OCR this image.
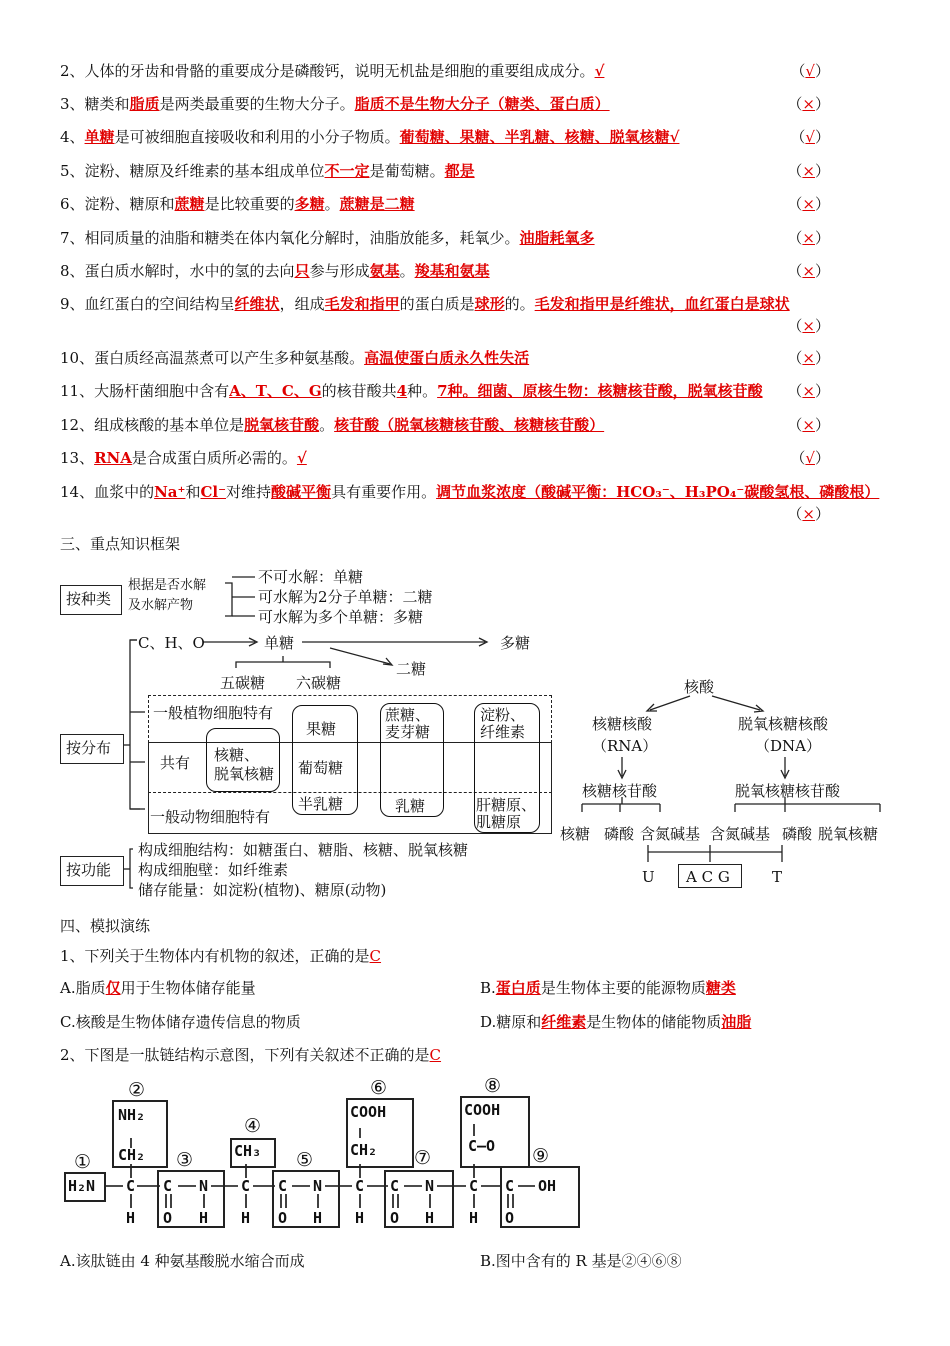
2、人体的牙齿和骨骼的重要成分是磷酸钙，说明无机盐是细胞的重要组成成分。√	（√）
3、糖类和脂质是两类最重要的生物大分子。脂质不是生物大分子（糖类、蛋白质）	（×）
4、单糖是可被细胞直接吸收和利用的小分子物质。葡萄糖、果糖、半乳糖、核糖、脱氧核糖√	（√）
5、淀粉、糖原及纤维素的基本组成单位不一定是葡萄糖。都是	（×）
6、淀粉、糖原和蔗糖是比较重要的多糖。蔗糖是二糖	（×）
7、相同质量的油脂和糖类在体内氧化分解时，油脂放能多，耗氧少。油脂耗氧多	（×）
8、蛋白质水解时，水中的氢的去向只参与形成氨基。羧基和氨基	（×）
9、血红蛋白的空间结构呈纤维状，组成毛发和指甲的蛋白质是球形的。毛发和指甲是纤维状，血红蛋白是球状
（×）
10、蛋白质经高温蒸煮可以产生多种氨基酸。高温使蛋白质永久性失活	（×）
11、大肠杆菌细胞中含有A、T、C、G的核苷酸共4种。7种。细菌、原核生物：核糖核苷酸，脱氧核苷酸 （×）
12、组成核酸的基本单位是脱氧核苷酸。核苷酸（脱氧核糖核苷酸、核糖核苷酸）	（×）
13、RNA是合成蛋白质所必需的。√	（√）
14、血浆中的Na⁺和Cl⁻对维持酸碱平衡具有重要作用。调节血浆浓度（酸碱平衡：HCO₃⁻、H₃PO₄⁻碳酸氢根、磷酸根）
（×）
三、重点知识框架
按种类
根据是否水解
及水解产物
不可水解：单糖
可水解为2分子单糖：二糖
可水解为多个单糖：多糖
C、H、O	单糖	多糖
二糖
五碳糖 六碳糖
按分布
一般植物细胞特有
共有
一般动物细胞特有
核糖、
脱氧核糖
果糖
葡萄糖
半乳糖
蔗糖、
麦芽糖
乳糖
淀粉、
纤维素
肝糖原、
肌糖原
按功能
构成细胞结构：如糖蛋白、糖脂、核糖、脱氧核糖
构成细胞壁：如纤维素
储存能量：如淀粉(植物)、糖原(动物)
核酸
核糖核酸
（RNA）
脱氧核糖核酸
（DNA）
核糖核苷酸	脱氧核糖核苷酸
核糖 磷酸 含氮碱基 含氮碱基 磷酸 脱氧核糖
U A C G	T
四、模拟演练
1、下列关于生物体内有机物的叙述，正确的是C
A.脂质仅用于生物体储存能量	B.蛋白质是生物体主要的能源物质糖类
C.核酸是生物体储存遗传信息的物质	D.糖原和纤维素是生物体的储能物质油脂
2、下图是一肽链结构示意图，下列有关叙述不正确的是C
①
②
③
④
⑤
⑥
⑦
⑧
⑨
H₂N
NH₂
CH₂
C
H
C N
O H
CH₃
C
H
C N
O H
COOH
CH₂
C
H
C N
O H
COOH
C—O
C
H
C OH
O
A.该肽链由 4 种氨基酸脱水缩合而成	B.图中含有的 R 基是②④⑥⑧
